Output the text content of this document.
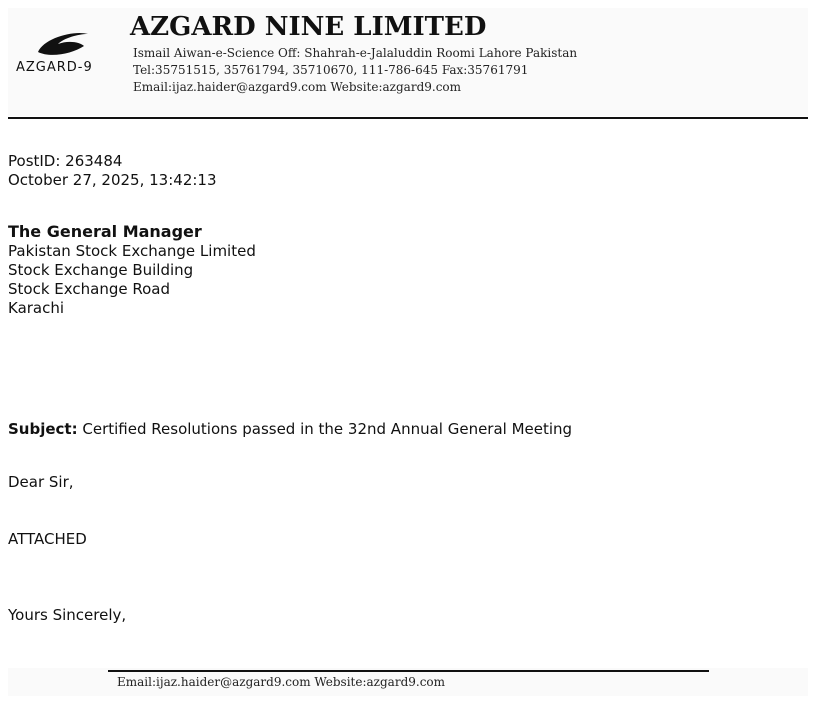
AZGARD-9
AZGARD NINE LIMITED
Ismail Aiwan-e-Science Off: Shahrah-e-Jalaluddin Roomi Lahore Pakistan
Tel:35751515, 35761794, 35710670, 111-786-645 Fax:35761791
Email:ijaz.haider@azgard9.com Website:azgard9.com
PostID: 263484
October 27, 2025, 13:42:13
The General Manager
Pakistan Stock Exchange Limited
Stock Exchange Building
Stock Exchange Road
Karachi
Subject: Certified Resolutions passed in the 32nd Annual General Meeting
Dear Sir,
ATTACHED
Yours Sincerely,
Email:ijaz.haider@azgard9.com Website:azgard9.com
